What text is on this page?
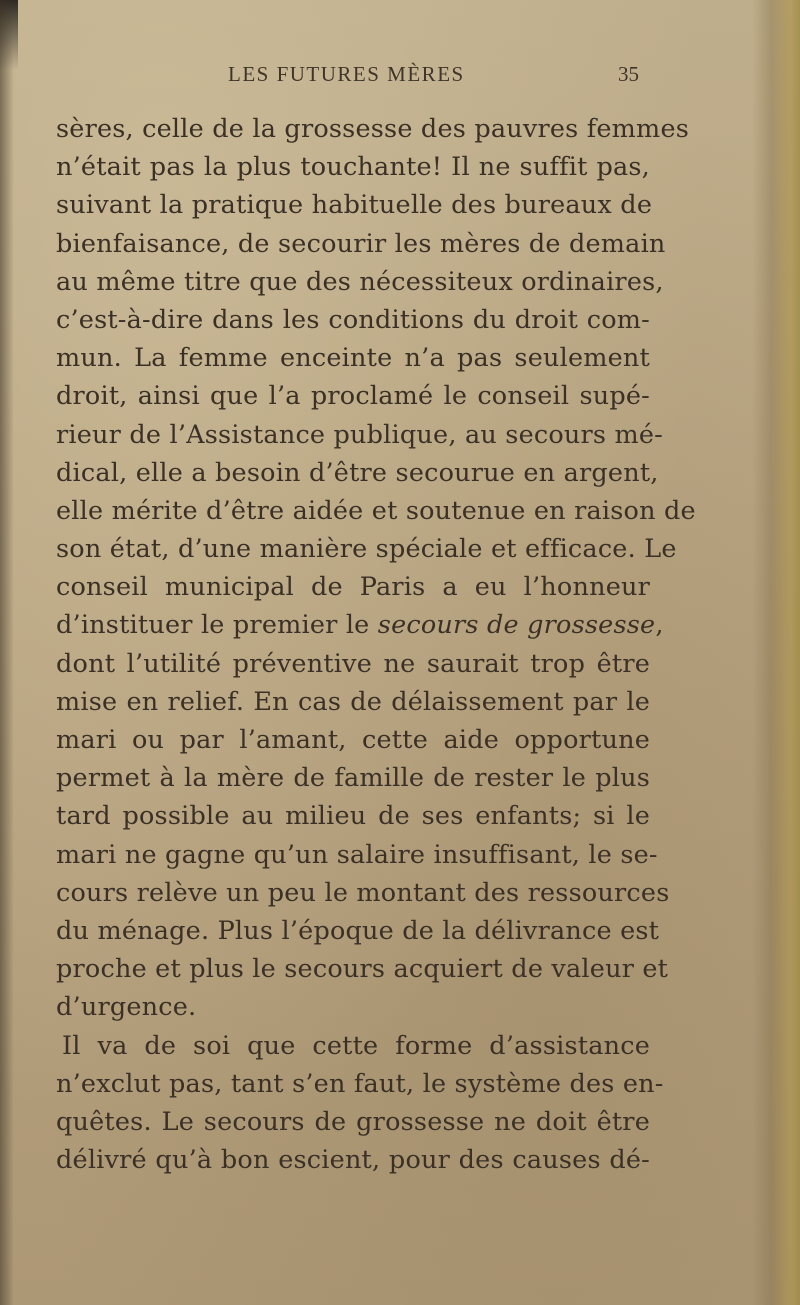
LES FUTURES MÈRES	35
sères, celle de la grossesse des pauvres femmes
n’était pas la plus touchante! Il ne suffit pas,
suivant la pratique habituelle des bureaux de
bienfaisance, de secourir les mères de demain
au même titre que des nécessiteux ordinaires,
c’est-à-dire dans les conditions du droit com-
mun. La femme enceinte n’a pas seulement
droit, ainsi que l’a proclamé le conseil supé-
rieur de l’Assistance publique, au secours mé-
dical, elle a besoin d’être secourue en argent,
elle mérite d’être aidée et soutenue en raison de
son état, d’une manière spéciale et efficace. Le
conseil municipal de Paris a eu l’honneur
d’instituer le premier le secours de grossesse,
dont l’utilité préventive ne saurait trop être
mise en relief. En cas de délaissement par le
mari ou par l’amant, cette aide opportune
permet à la mère de famille de rester le plus
tard possible au milieu de ses enfants; si le
mari ne gagne qu’un salaire insuffisant, le se-
cours relève un peu le montant des ressources
du ménage. Plus l’époque de la délivrance est
proche et plus le secours acquiert de valeur et
d’urgence.
Il va de soi que cette forme d’assistance
n’exclut pas, tant s’en faut, le système des en-
quêtes. Le secours de grossesse ne doit être
délivré qu’à bon escient, pour des causes dé-
